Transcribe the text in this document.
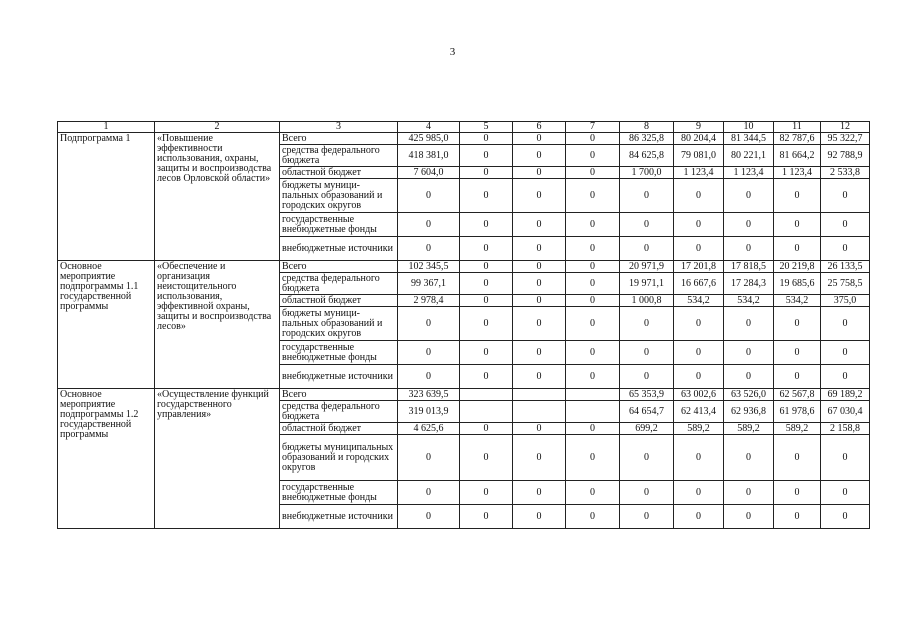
3
1	2	3	4	5	6	7	8	9	10	11	12
Подпрограмма 1	«Повышение эффективности использования, охраны, защиты и воспроизводства лесов Орловской области»	Всего	425 985,0	0	0	0	86 325,8	80 204,4	81 344,5	82 787,6	95 322,7
		средства федерального бюджета	418 381,0	0	0	0	84 625,8	79 081,0	80 221,1	81 664,2	92 788,9
		областной бюджет	7 604,0	0	0	0	1 700,0	1 123,4	1 123,4	1 123,4	2 533,8
		бюджеты муници-пальных образований и городских округов	0	0	0	0	0	0	0	0	0
		государственные внебюджетные фонды	0	0	0	0	0	0	0	0	0
		внебюджетные источники	0	0	0	0	0	0	0	0	0
Основное мероприятие подпрограммы 1.1 государственной программы	«Обеспечение и организация неистощительного использования, эффективной охраны, защиты и воспроизводства лесов»	Всего	102 345,5	0	0	0	20 971,9	17 201,8	17 818,5	20 219,8	26 133,5
		средства федерального бюджета	99 367,1	0	0	0	19 971,1	16 667,6	17 284,3	19 685,6	25 758,5
		областной бюджет	2 978,4	0	0	0	1 000,8	534,2	534,2	534,2	375,0
		бюджеты муници-пальных образований и городских округов	0	0	0	0	0	0	0	0	0
		государственные внебюджетные фонды	0	0	0	0	0	0	0	0	0
		внебюджетные источники	0	0	0	0	0	0	0	0	0
Основное мероприятие подпрограммы 1.2 государственной программы	«Осуществление функций государственного управления»	Всего	323 639,5				65 353,9	63 002,6	63 526,0	62 567,8	69 189,2
		средства федерального бюджета	319 013,9				64 654,7	62 413,4	62 936,8	61 978,6	67 030,4
		областной бюджет	4 625,6	0	0	0	699,2	589,2	589,2	589,2	2 158,8
		бюджеты муниципальных образований и городских округов	0	0	0	0	0	0	0	0	0
		государственные внебюджетные фонды	0	0	0	0	0	0	0	0	0
		внебюджетные источники	0	0	0	0	0	0	0	0	0
